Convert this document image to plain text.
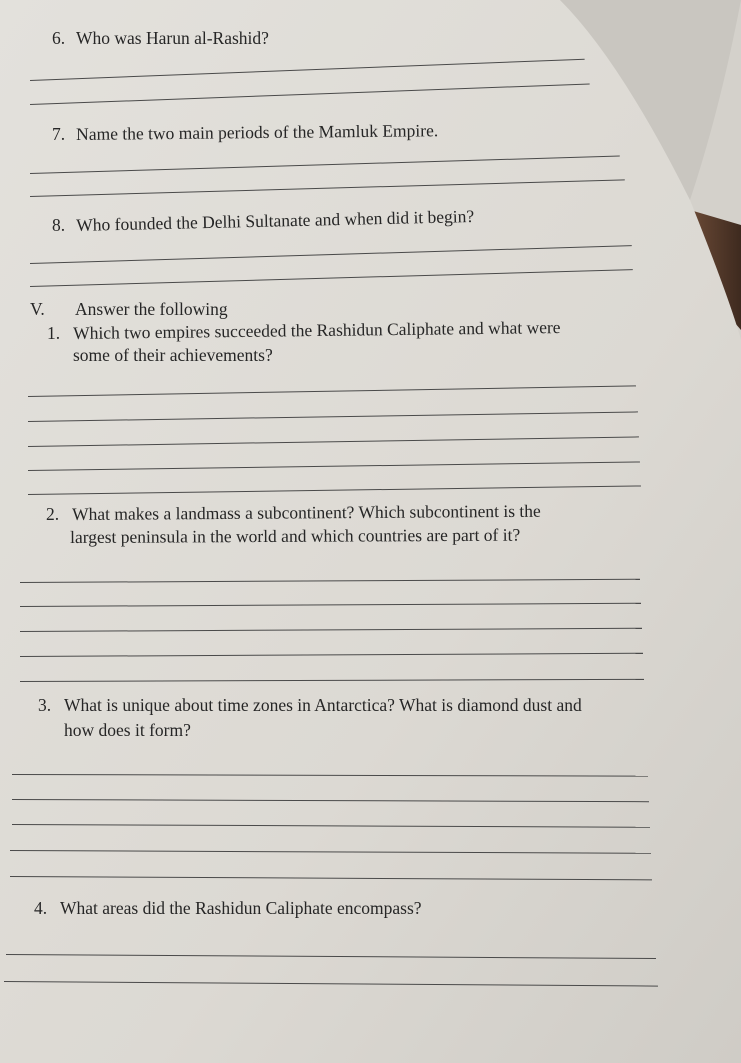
6. Who was Harun al-Rashid?
7. Name the two main periods of the Mamluk Empire.
8. Who founded the Delhi Sultanate and when did it begin?
V. Answer the following
1. Which two empires succeeded the Rashidun Caliphate and what were
some of their achievements?
2. What makes a landmass a subcontinent? Which subcontinent is the
largest peninsula in the world and which countries are part of it?
3. What is unique about time zones in Antarctica? What is diamond dust and
how does it form?
4. What areas did the Rashidun Caliphate encompass?
